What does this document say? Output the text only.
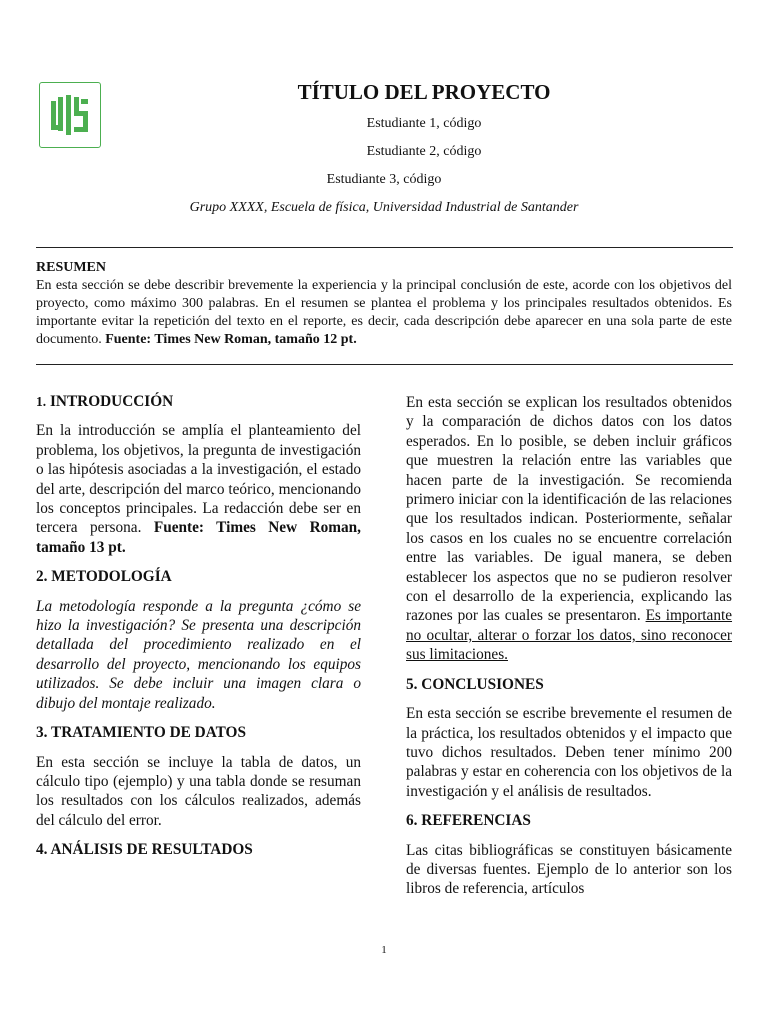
TÍTULO DEL PROYECTO

Estudiante 1, código

Estudiante 2, código

Estudiante 3, código

Grupo XXXX, Escuela de física, Universidad Industrial de Santander

RESUMEN
En esta sección se debe describir brevemente la experiencia y la principal conclusión de este, acorde con los objetivos del proyecto, como máximo 300 palabras. En el resumen se plantea el problema y los principales resultados obtenidos. Es importante evitar la repetición del texto en el reporte, es decir, cada descripción debe aparecer en una sola parte de este documento. Fuente: Times New Roman, tamaño 12 pt.
1. INTRODUCCIÓN

En la introducción se amplía el planteamiento del problema, los objetivos, la pregunta de investigación o las hipótesis asociadas a la investigación, el estado del arte, descripción del marco teórico, mencionando los conceptos principales. La redacción debe ser en tercera persona. Fuente: Times New Roman, tamaño 13 pt.

2. METODOLOGÍA

La metodología responde a la pregunta ¿cómo se hizo la investigación? Se presenta una descripción detallada del procedimiento realizado en el desarrollo del proyecto, mencionando los equipos utilizados. Se debe incluir una imagen clara o dibujo del montaje realizado.

3. TRATAMIENTO DE DATOS

En esta sección se incluye la tabla de datos, un cálculo tipo (ejemplo) y una tabla donde se resuman los resultados con los cálculos realizados, además del cálculo del error.

4. ANÁLISIS DE RESULTADOS

En esta sección se explican los resultados obtenidos y la comparación de dichos datos con los datos esperados. En lo posible, se deben incluir gráficos que muestren la relación entre las variables que hacen parte de la investigación. Se recomienda primero iniciar con la identificación de las relaciones que los resultados indican. Posteriormente, señalar los casos en los cuales no se encuentre correlación entre las variables. De igual manera, se deben establecer los aspectos que no se pudieron resolver con el desarrollo de la experiencia, explicando las razones por las cuales se presentaron. Es importante no ocultar, alterar o forzar los datos, sino reconocer sus limitaciones.

5. CONCLUSIONES

En esta sección se escribe brevemente el resumen de la práctica, los resultados obtenidos y el impacto que tuvo dichos resultados. Deben tener mínimo 200 palabras y estar en coherencia con los objetivos de la investigación y el análisis de resultados.

6. REFERENCIAS

Las citas bibliográficas se constituyen básicamente de diversas fuentes. Ejemplo de lo anterior son los libros de referencia, artículos

1
